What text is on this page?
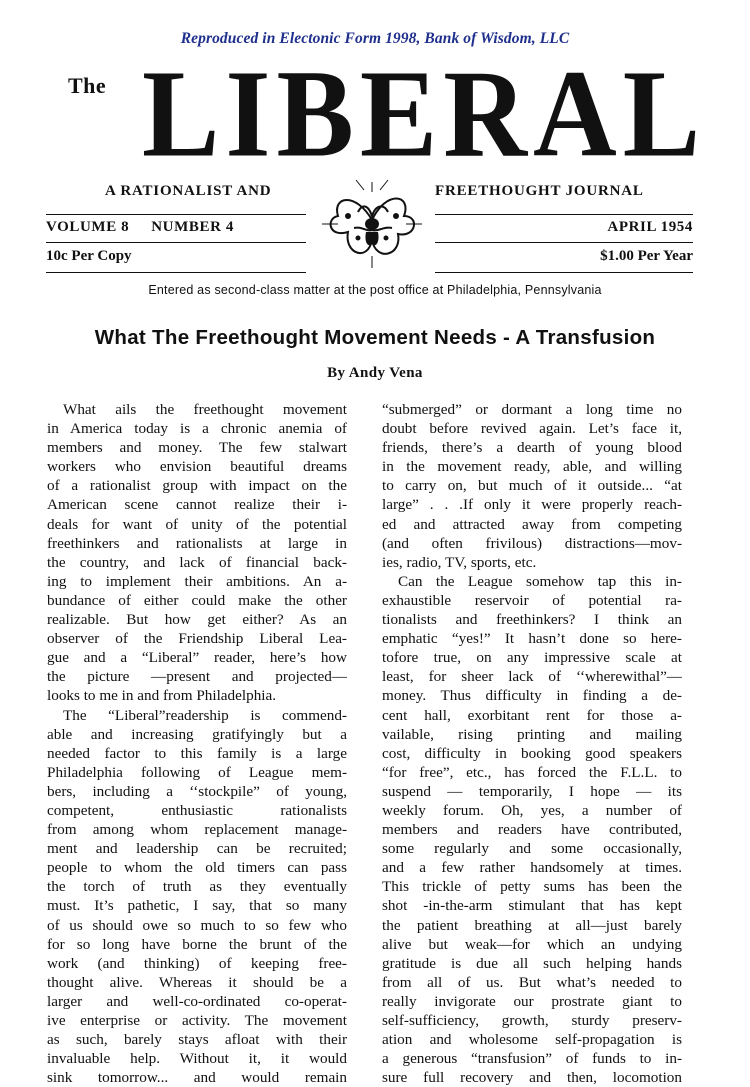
Reproduced in Electonic Form 1998, Bank of Wisdom, LLC
The LIBERAL
A RATIONALIST AND	FREETHOUGHT JOURNAL
VOLUME 8 NUMBER 4	APRIL 1954
10c Per Copy	$1.00 Per Year
Entered as second-class matter at the post office at Philadelphia, Pennsylvania
What The Freethought Movement Needs - A Transfusion
By Andy Vena
What ails the freethought movement
in America today is a chronic anemia of
members and money. The few stalwart
workers who envision beautiful dreams
of a rationalist group with impact on the
American scene cannot realize their i-
deals for want of unity of the potential
freethinkers and rationalists at large in
the country, and lack of financial back-
ing to implement their ambitions. An a-
bundance of either could make the other
realizable. But how get either? As an
observer of the Friendship Liberal Lea-
gue and a “Liberal” reader, here’s how
the picture —present and projected—
looks to me in and from Philadelphia.
The “Liberal”readership is commend-
able and increasing gratifyingly but a
needed factor to this family is a large
Philadelphia following of League mem-
bers, including a ‘‘stockpile” of young,
competent, enthusiastic rationalists
from among whom replacement manage-
ment and leadership can be recruited;
people to whom the old timers can pass
the torch of truth as they eventually
must. It’s pathetic, I say, that so many
of us should owe so much to so few who
for so long have borne the brunt of the
work (and thinking) of keeping free-
thought alive. Whereas it should be a
larger and well-co-ordinated co-operat-
ive enterprise or activity. The movement
as such, barely stays afloat with their
invaluable help. Without it, it would
sink tomorrow... and would remain
“submerged” or dormant a long time no
doubt before revived again. Let’s face it,
friends, there’s a dearth of young blood
in the movement ready, able, and willing
to carry on, but much of it outside... “at
large” . . .If only it were properly reach-
ed and attracted away from competing
(and often frivilous) distractions—mov-
ies, radio, TV, sports, etc.
Can the League somehow tap this in-
exhaustible reservoir of potential ra-
tionalists and freethinkers? I think an
emphatic “yes!” It hasn’t done so here-
tofore true, on any impressive scale at
least, for sheer lack of ‘‘wherewithal”—
money. Thus difficulty in finding a de-
cent hall, exorbitant rent for those a-
vailable, rising printing and mailing
cost, difficulty in booking good speakers
“for free”, etc., has forced the F.L.L. to
suspend — temporarily, I hope — its
weekly forum. Oh, yes, a number of
members and readers have contributed,
some regularly and some occasionally,
and a few rather handsomely at times.
This trickle of petty sums has been the
shot -in-the-arm stimulant that has kept
the patient breathing at all—just barely
alive but weak—for which an undying
gratitude is due all such helping hands
from all of us. But what’s needed to
really invigorate our prostrate giant to
self-sufficiency, growth, sturdy preserv-
ation and wholesome self-propagation is
a generous “transfusion” of funds to in-
sure full recovery and then, locomotion
